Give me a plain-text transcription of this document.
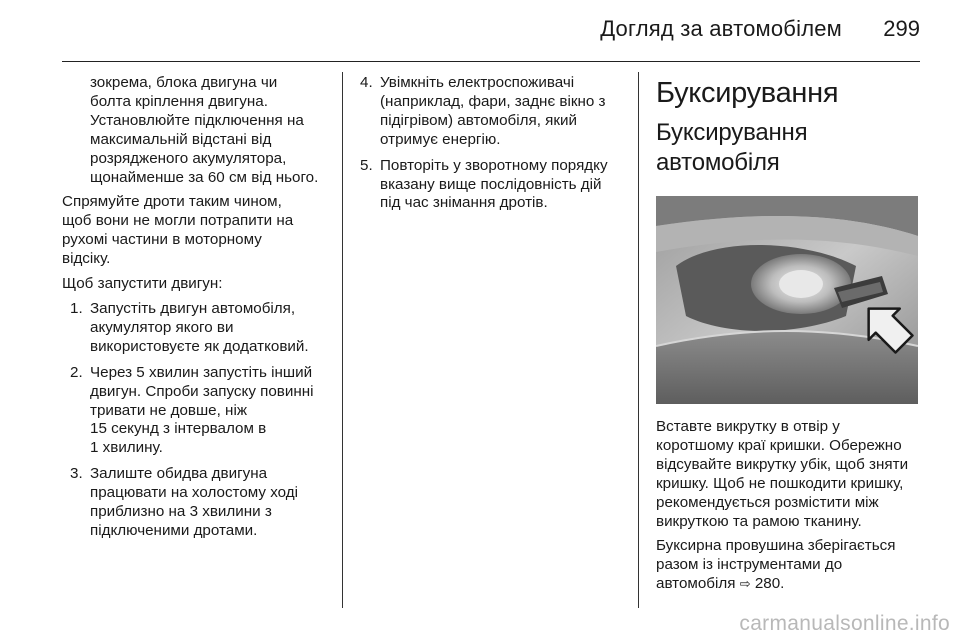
Догляд за автомобілем 299

зокрема, блока двигуна чи
болта кріплення двигуна.
Установлюйте підключення на
максимальній відстані від
розрядженого акумулятора,
щонайменше за 60 см від нього.

Спрямуйте дроти таким чином,
щоб вони не могли потрапити на
рухомі частини в моторному
відсіку.

Щоб запустити двигун:

1. Запустіть двигун автомобіля,
акумулятор якого ви
використовуєте як додатковий.
2. Через 5 хвилин запустіть інший
двигун. Спроби запуску повинні
тривати не довше, ніж
15 секунд з інтервалом в
1 хвилину.
3. Залиште обидва двигуна
працювати на холостому ході
приблизно на 3 хвилини з
підключеними дротами.
4. Увімкніть електроспоживачі
(наприклад, фари, заднє вікно з
підігрівом) автомобіля, який
отримує енергію.
5. Повторіть у зворотному порядку
вказану вище послідовність дій
під час знімання дротів.
Буксирування
Буксирування
автомобіля

Вставте викрутку в отвір у
коротшому краї кришки. Обережно
відсувайте викрутку убік, щоб зняти
кришку. Щоб не пошкодити кришку,
рекомендується розмістити між
викруткою та рамою тканину.

Буксирна провушина зберігається
разом із інструментами до
автомобіля ⇨ 280.

carmanualsonline.info
